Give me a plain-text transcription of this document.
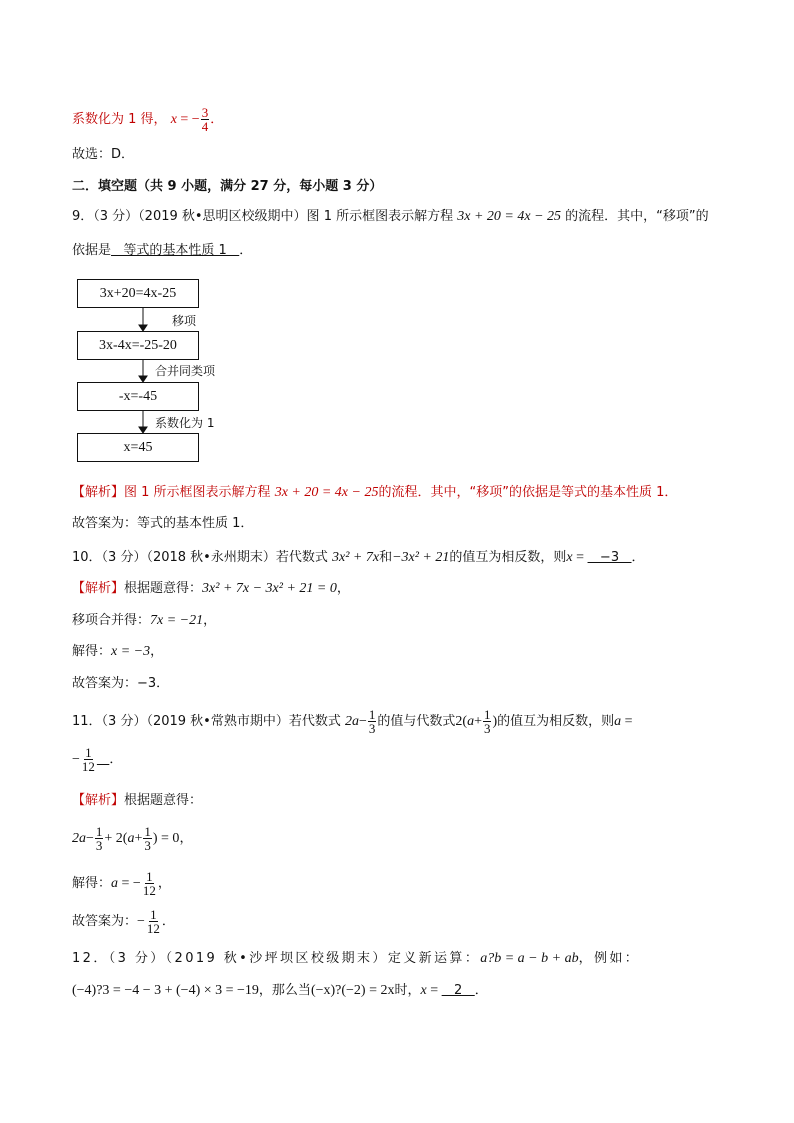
系数化为 1 得， x = − $\frac{3}{4}$ ．
故选：D．
二．填空题（共 9 小题，满分 27 分，每小题 3 分）
9．（3 分）（2019 秋•思明区校级期中）图 1 所示框图表示解方程 3x + 20 = 4x − 25 的流程．其中，“移项”的
依据是   等式的基本性质 1   ．
3x+20=4x-25
3x-4x=-25-20
-x=-45
x=45
移项
合并同类项
系数化为 1
【解析】图 1 所示框图表示解方程 3x + 20 = 4x − 25的流程．其中，“移项”的依据是等式的基本性质 1．
故答案为：等式的基本性质 1．
10．（3 分）（2018 秋•永州期末）若代数式 3x² + 7x和−3x² + 21的值互为相反数，则x =    −3   ．
【解析】根据题意得：3x² + 7x − 3x² + 21 = 0，
移项合并得：7x = −21，
解得：x = −3，
故答案为：−3．
11．（3 分）（2019 秋•常熟市期中）若代数式 $2a- \frac{1}{3}$ 的值与代数式$2(a+ \frac{1}{3}$ )的值互为相反数，则a =
− $\frac{1}{12}$ ．
【解析】根据题意得：
$2a- \frac{1}{3} + 2(a+ \frac{1}{3}$ ) = 0，
解得：a = − $\frac{1}{12}$ ，
故答案为：− $\frac{1}{12}$ ．
12．（3 分）（2019 秋•沙坪坝区校级期末）定义新运算：a?b = a − b + ab，例如：
(−4)?3 = −4 − 3 + (−4) × 3 = −19，那么当(−x)?(−2) = 2x时，x =    2   ．
